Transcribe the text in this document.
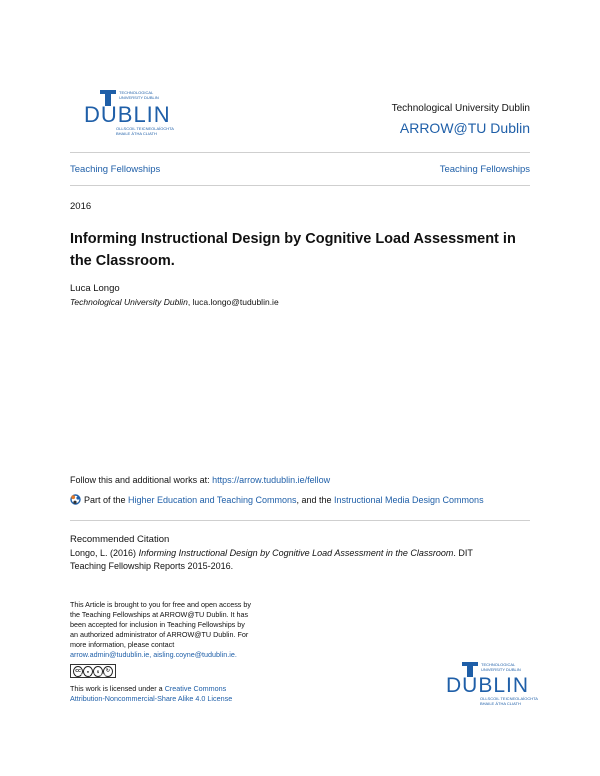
TECHNOLOGICAL
UNIVERSITY DUBLIN
DUBLIN
OLLSCOIL TEICNEOLAÍOCHTA
BHAILE ÁTHA CLIATH
Technological University Dublin
ARROW@TU Dublin
Teaching Fellowships	Teaching Fellowships
2016
Informing Instructional Design by Cognitive Load Assessment in
the Classroom.
Luca Longo
Technological University Dublin, luca.longo@tudublin.ie
Follow this and additional works at: https://arrow.tudublin.ie/fellow
Part of the Higher Education and Teaching Commons, and the Instructional Media Design Commons
Recommended Citation
Longo, L. (2016) Informing Instructional Design by Cognitive Load Assessment in the Classroom. DIT
Teaching Fellowship Reports 2015-2016.
This Article is brought to you for free and open access by
the Teaching Fellowships at ARROW@TU Dublin. It has
been accepted for inclusion in Teaching Fellowships by
an authorized administrator of ARROW@TU Dublin. For
more information, please contact
arrow.admin@tudublin.ie, aisling.coyne@tudublin.ie.
cc	●	$	↻
BY NC SA
This work is licensed under a Creative Commons
Attribution-Noncommercial-Share Alike 4.0 License
TECHNOLOGICAL
UNIVERSITY DUBLIN
DUBLIN
OLLSCOIL TEICNEOLAÍOCHTA
BHAILE ÁTHA CLIATH
